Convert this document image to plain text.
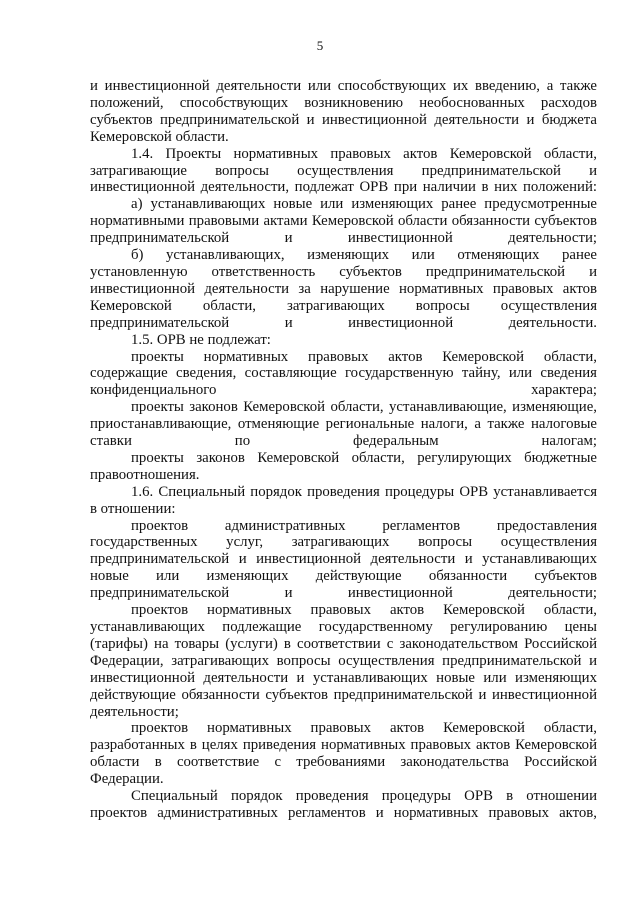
5

и инвестиционной деятельности или способствующих их введению, а также положений, способствующих возникновению необоснованных расходов субъектов предпринимательской и инвестиционной деятельности и бюджета Кемеровской области.

1.4. Проекты нормативных правовых актов Кемеровской области, затрагивающие вопросы осуществления предпринимательской и инвестиционной деятельности, подлежат ОРВ при наличии в них положений:

а) устанавливающих новые или изменяющих ранее предусмотренные нормативными правовыми актами Кемеровской области обязанности субъектов предпринимательской и инвестиционной деятельности;

б) устанавливающих, изменяющих или отменяющих ранее установленную ответственность субъектов предпринимательской и инвестиционной деятельности за нарушение нормативных правовых актов Кемеровской области, затрагивающих вопросы осуществления предпринимательской и инвестиционной деятельности.

1.5. ОРВ не подлежат:

проекты нормативных правовых актов Кемеровской области, содержащие сведения, составляющие государственную тайну, или сведения конфиденциального характера;

проекты законов Кемеровской области, устанавливающие, изменяющие, приостанавливающие, отменяющие региональные налоги, а также налоговые ставки по федеральным налогам;

проекты законов Кемеровской области, регулирующих бюджетные правоотношения.

1.6. Специальный порядок проведения процедуры ОРВ устанавливается в отношении:

проектов административных регламентов предоставления государственных услуг, затрагивающих вопросы осуществления предпринимательской и инвестиционной деятельности и устанавливающих новые или изменяющих действующие обязанности субъектов предпринимательской и инвестиционной деятельности;

проектов нормативных правовых актов Кемеровской области, устанавливающих подлежащие государственному регулированию цены (тарифы) на товары (услуги) в соответствии с законодательством Российской Федерации, затрагивающих вопросы осуществления предпринимательской и инвестиционной деятельности и устанавливающих новые или изменяющих действующие обязанности субъектов предпринимательской и инвестиционной деятельности;

проектов нормативных правовых актов Кемеровской области, разработанных в целях приведения нормативных правовых актов Кемеровской области в соответствие с требованиями законодательства Российской Федерации.

Специальный порядок проведения процедуры ОРВ в отношении проектов административных регламентов и нормативных правовых актов,
